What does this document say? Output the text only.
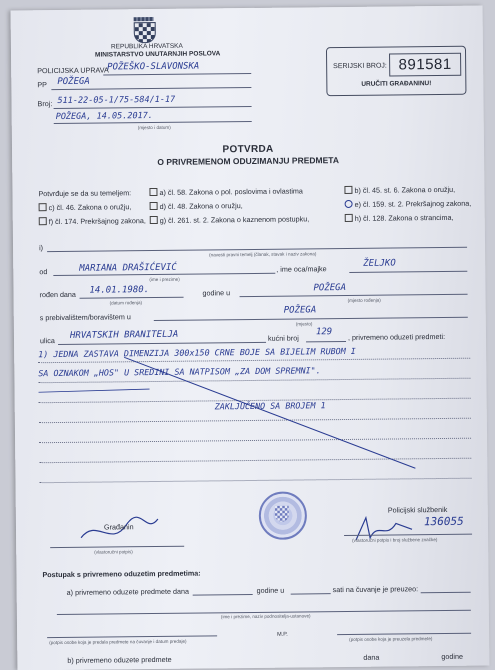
REPUBLIKA HRVATSKA
MINISTARSTVO UNUTARNJIH POSLOVA
POLICIJSKA UPRAVA
POŽEŠKO-SLAVONSKA
PP POŽEGA
Broj: 511-22-05-1/75-584/1-17
POŽEGA, 14.05.2017.
(mjesto i datum)
SERIJSKI BROJ: 891581
URUČITI GRAĐANINU!
POTVRDA
O PRIVREMENOM ODUZIMANJU PREDMETA
Potvrđuje se da su temeljem:	a) čl. 58. Zakona o pol. poslovima i ovlastima	b) čl. 45. st. 6. Zakona o oružju,
c) čl. 46. Zakona o oružju,	d) čl. 48. Zakona o oružju,	e) čl. 159. st. 2. Prekršajnog zakona,
f) čl. 174. Prekršajnog zakona,	g) čl. 261. st. 2. Zakona o kaznenom postupku,	h) čl. 128. Zakona o strancima,
i)
(navesti pravni temelj (članak, stavak i naziv zakona)
od	MARIANA DRAŠIĆEVIĆ
(ime i prezime)
, ime oca/majke
ŽELJKO
rođen dana 14.01.1980.
(datum rođenja)
godine u	POŽEGA
(mjesto rođenja)
s prebivalištem/boravištem u
POŽEGA
(mjesto)
ulica HRVATSKIH BRANITELJA	kućni broj
129 , privremeno oduzeti predmeti:
1) JEDNA ZASTAVA DIMENZIJA 300x150 CRNE BOJE SA BIJELIM RUBOM I
SA OZNAKOM „HOS" U SREDINI SA NATPISOM „ZA DOM SPREMNI".
ZAKLJUČENO SA BROJEM 1
Građanin
(vlastoručni potpis)
Policijski službenik
136055
(vlastoručni potpis i broj službene značke)
Postupak s privremeno oduzetim predmetima:
a) privremeno oduzete predmete dana	godine u	sati na čuvanje je preuzeo:
(ime i prezime, naziv podnositelja-ustanove)
(potpis osobe koja je predala predmete na čuvanje i datum predaje)
M.P.
(potpis osobe koja je preuzela predmete)
b) privremeno oduzete predmete	dana	godine
